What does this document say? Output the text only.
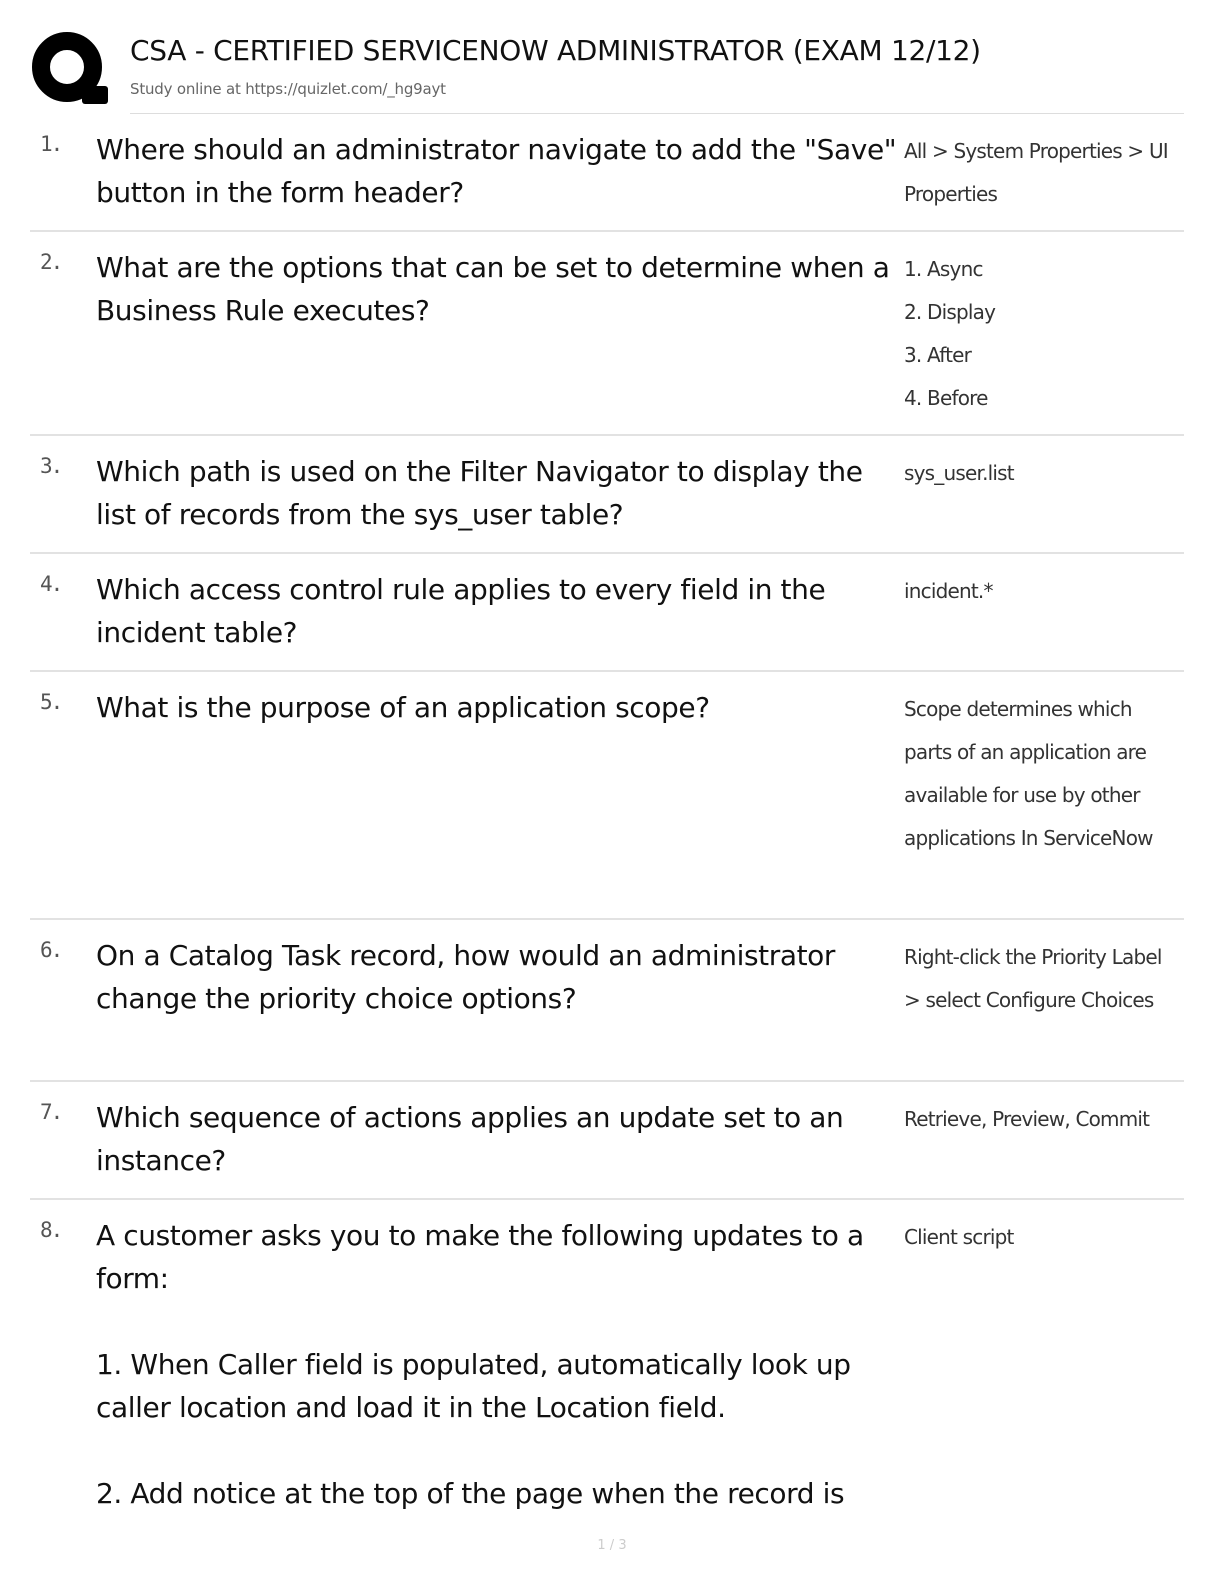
CSA - CERTIFIED SERVICENOW ADMINISTRATOR (EXAM 12/12)
Study online at https://quizlet.com/_hg9ayt
1. Where should an administrator navigate to add the "Save" button in the form header?
All > System Properties > UI Properties
2. What are the options that can be set to determine when a Business Rule executes?
1. Async
2. Display
3. After
4. Before
3. Which path is used on the Filter Navigator to display the list of records from the sys_user table?
sys_user.list
4. Which access control rule applies to every field in the incident table?
incident.*
5. What is the purpose of an application scope?	Scope determines which parts of an application are available for use by other applications In ServiceNow
6. On a Catalog Task record, how would an administrator change the priority choice options?
Right-click the Priority Label > select Configure Choices
7. Which sequence of actions applies an update set to an instance?
Retrieve, Preview, Commit
8. A customer asks you to make the following updates to a form:

1. When Caller field is populated, automatically look up caller location and load it in the Location field.

2. Add notice at the top of the page when the record is
Client script
1 / 3
